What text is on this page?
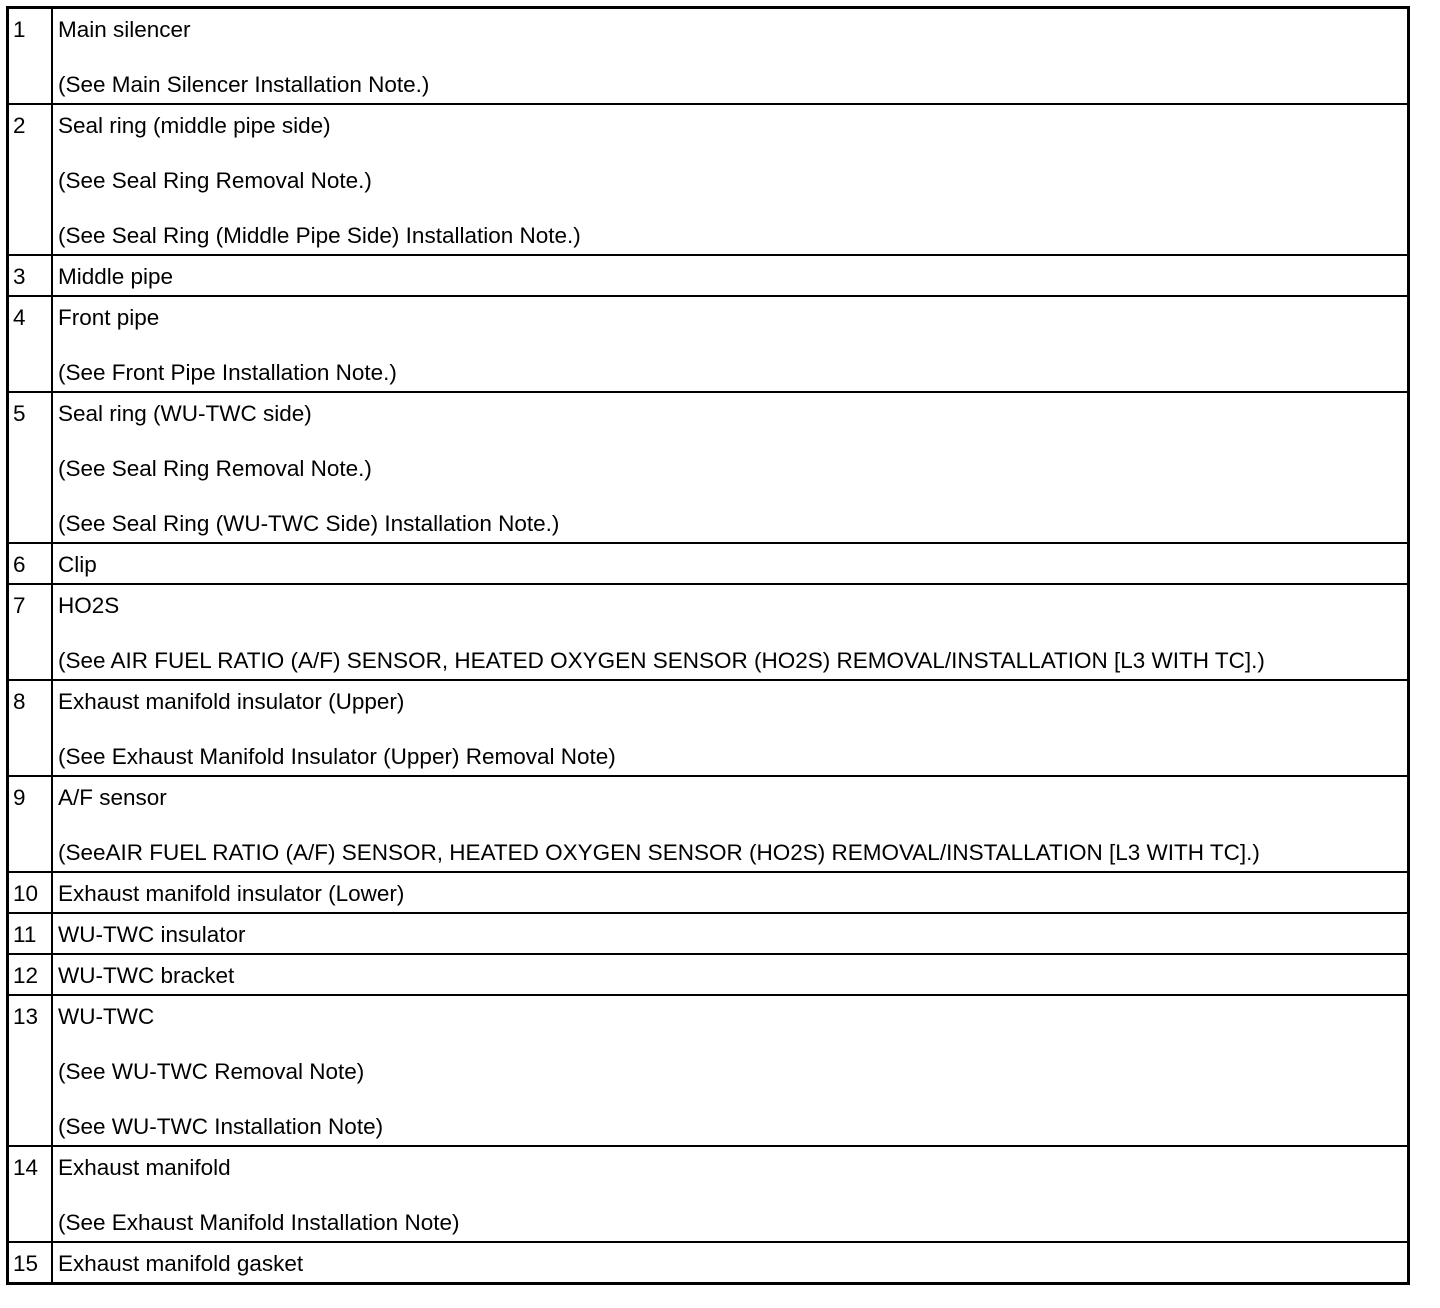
1	Main silencer
(See Main Silencer Installation Note.)

2	Seal ring (middle pipe side)
(See Seal Ring Removal Note.)
(See Seal Ring (Middle Pipe Side) Installation Note.)

3	Middle pipe

4	Front pipe
(See Front Pipe Installation Note.)

5	Seal ring (WU-TWC side)
(See Seal Ring Removal Note.)
(See Seal Ring (WU-TWC Side) Installation Note.)

6	Clip

7	HO2S
(See AIR FUEL RATIO (A/F) SENSOR, HEATED OXYGEN SENSOR (HO2S) REMOVAL/INSTALLATION [L3 WITH TC].)

8	Exhaust manifold insulator (Upper)
(See Exhaust Manifold Insulator (Upper) Removal Note)

9	A/F sensor
(SeeAIR FUEL RATIO (A/F) SENSOR, HEATED OXYGEN SENSOR (HO2S) REMOVAL/INSTALLATION [L3 WITH TC].)

10	Exhaust manifold insulator (Lower)

11	WU-TWC insulator

12	WU-TWC bracket

13	WU-TWC
(See WU-TWC Removal Note)
(See WU-TWC Installation Note)

14	Exhaust manifold
(See Exhaust Manifold Installation Note)

15	Exhaust manifold gasket
